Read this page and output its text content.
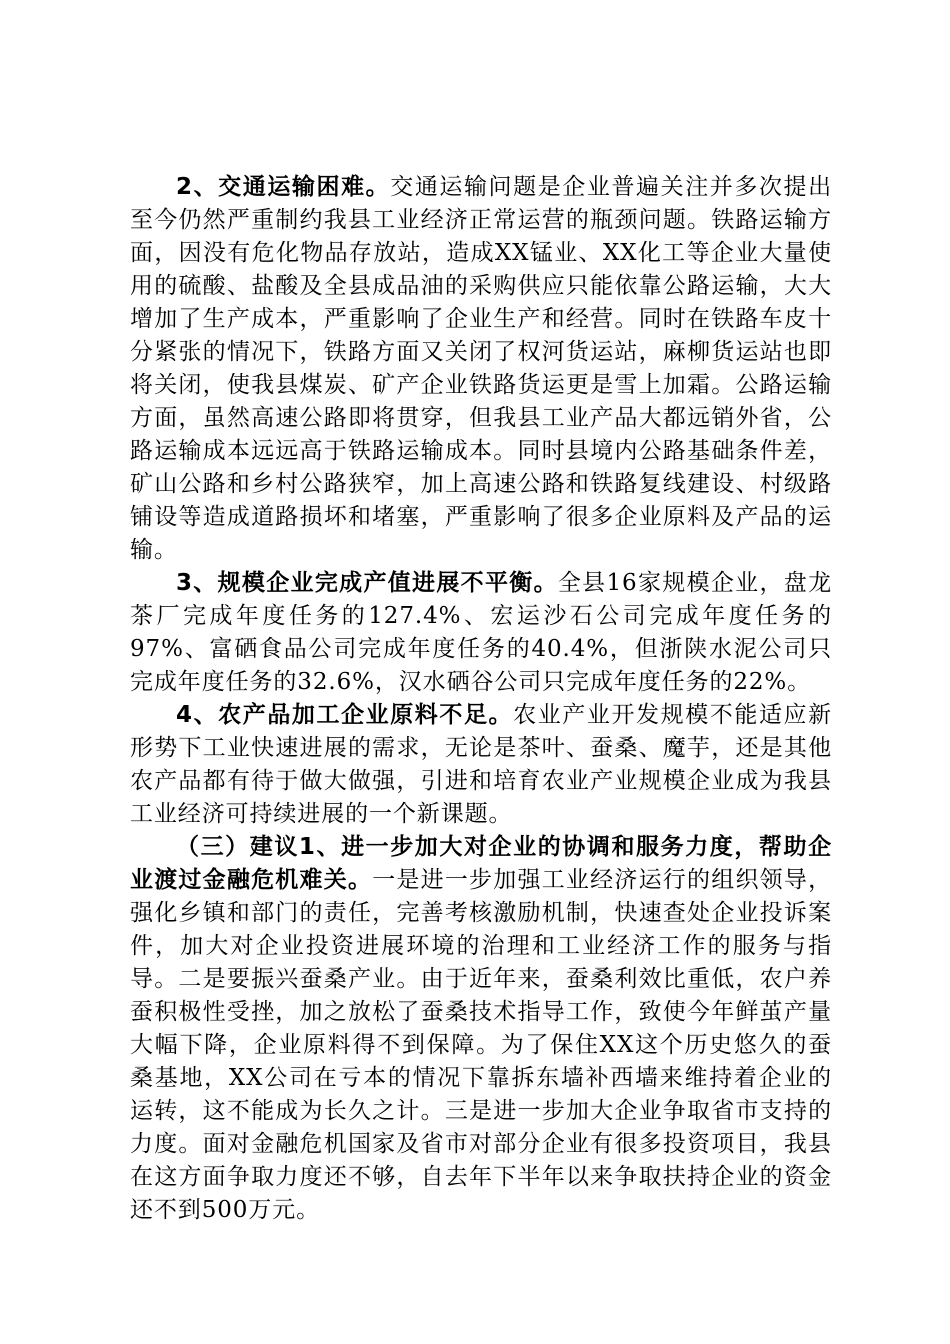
2、交通运输困难。交通运输问题是企业普遍关注并多次提出至今仍然严重制约我县工业经济正常运营的瓶颈问题。铁路运输方面，因没有危化物品存放站，造成XX锰业、XX化工等企业大量使用的硫酸、盐酸及全县成品油的采购供应只能依靠公路运输，大大增加了生产成本，严重影响了企业生产和经营。同时在铁路车皮十分紧张的情况下，铁路方面又关闭了权河货运站，麻柳货运站也即将关闭，使我县煤炭、矿产企业铁路货运更是雪上加霜。公路运输方面，虽然高速公路即将贯穿，但我县工业产品大都远销外省，公路运输成本远远高于铁路运输成本。同时县境内公路基础条件差，矿山公路和乡村公路狭窄，加上高速公路和铁路复线建设、村级路铺设等造成道路损坏和堵塞，严重影响了很多企业原料及产品的运输。

3、规模企业完成产值进展不平衡。全县16家规模企业，盘龙茶厂完成年度任务的127.4%、宏运沙石公司完成年度任务的97%、富硒食品公司完成年度任务的40.4%，但浙陕水泥公司只完成年度任务的32.6%，汉水硒谷公司只完成年度任务的22%。

4、农产品加工企业原料不足。农业产业开发规模不能适应新形势下工业快速进展的需求，无论是茶叶、蚕桑、魔芋，还是其他农产品都有待于做大做强，引进和培育农业产业规模企业成为我县工业经济可持续进展的一个新课题。

（三）建议1、进一步加大对企业的协调和服务力度，帮助企业渡过金融危机难关。一是进一步加强工业经济运行的组织领导，强化乡镇和部门的责任，完善考核激励机制，快速查处企业投诉案件，加大对企业投资进展环境的治理和工业经济工作的服务与指导。二是要振兴蚕桑产业。由于近年来，蚕桑利效比重低，农户养蚕积极性受挫，加之放松了蚕桑技术指导工作，致使今年鲜茧产量大幅下降，企业原料得不到保障。为了保住XX这个历史悠久的蚕桑基地，XX公司在亏本的情况下靠拆东墙补西墙来维持着企业的运转，这不能成为长久之计。三是进一步加大企业争取省市支持的力度。面对金融危机国家及省市对部分企业有很多投资项目，我县在这方面争取力度还不够，自去年下半年以来争取扶持企业的资金还不到500万元。
